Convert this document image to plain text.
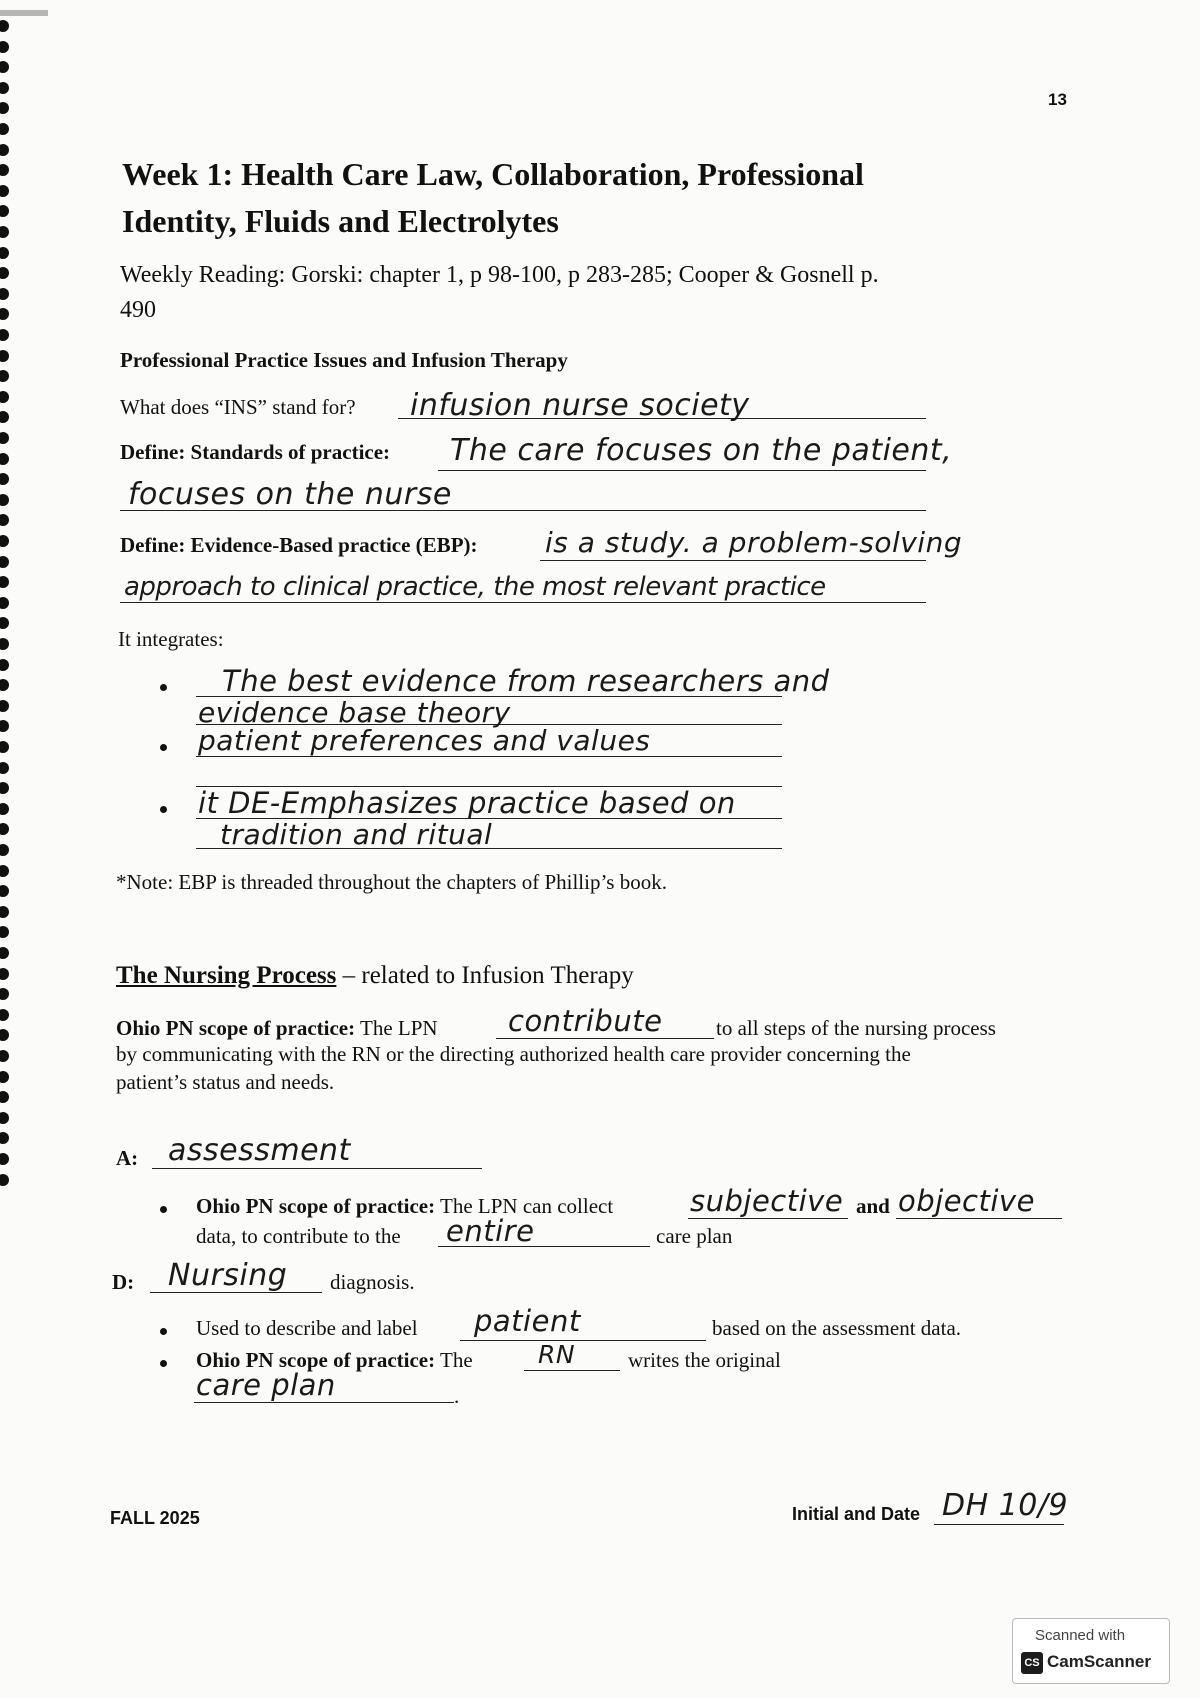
13
Week 1: Health Care Law, Collaboration, Professional
Identity, Fluids and Electrolytes
Weekly Reading: Gorski: chapter 1, p 98-100, p 283-285; Cooper & Gosnell p.
490
Professional Practice Issues and Infusion Therapy
What does “INS” stand for? infusion nurse society
Define: Standards of practice: The care focuses on the patient,
focuses on the nurse
Define: Evidence-Based practice (EBP): is a study. a problem-solving
approach to clinical practice, the most relevant practice
It integrates:
The best evidence from researchers and
evidence base theory
patient preferences and values
it DE-Emphasizes practice based on
tradition and ritual
*Note: EBP is threaded throughout the chapters of Phillip’s book.
The Nursing Process – related to Infusion Therapy
Ohio PN scope of practice: The LPN contribute	to all steps of the nursing process
by communicating with the RN or the directing authorized health care provider concerning the
patient’s status and needs.
A: assessment
Ohio PN scope of practice: The LPN can collect	subjective and objective
data, to contribute to the entire	care plan
D: Nursing diagnosis.
Used to describe and label patient	based on the assessment data.
Ohio PN scope of practice: The	RN	writes the original
care plan	.
FALL 2025	Initial and Date DH 10/9
Scanned with
CS CamScanner
